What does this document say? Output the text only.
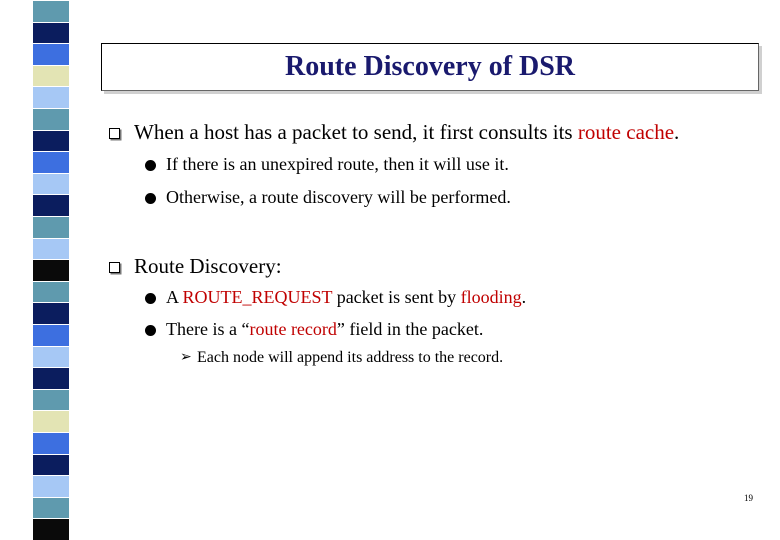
Route Discovery of DSR
When a host has a packet to send, it first consults its route cache.
If there is an unexpired route, then it will use it.
Otherwise, a route discovery will be performed.
Route Discovery:
A ROUTE_REQUEST packet is sent by flooding.
There is a “route record” field in the packet.
➢ Each node will append its address to the record.
19
